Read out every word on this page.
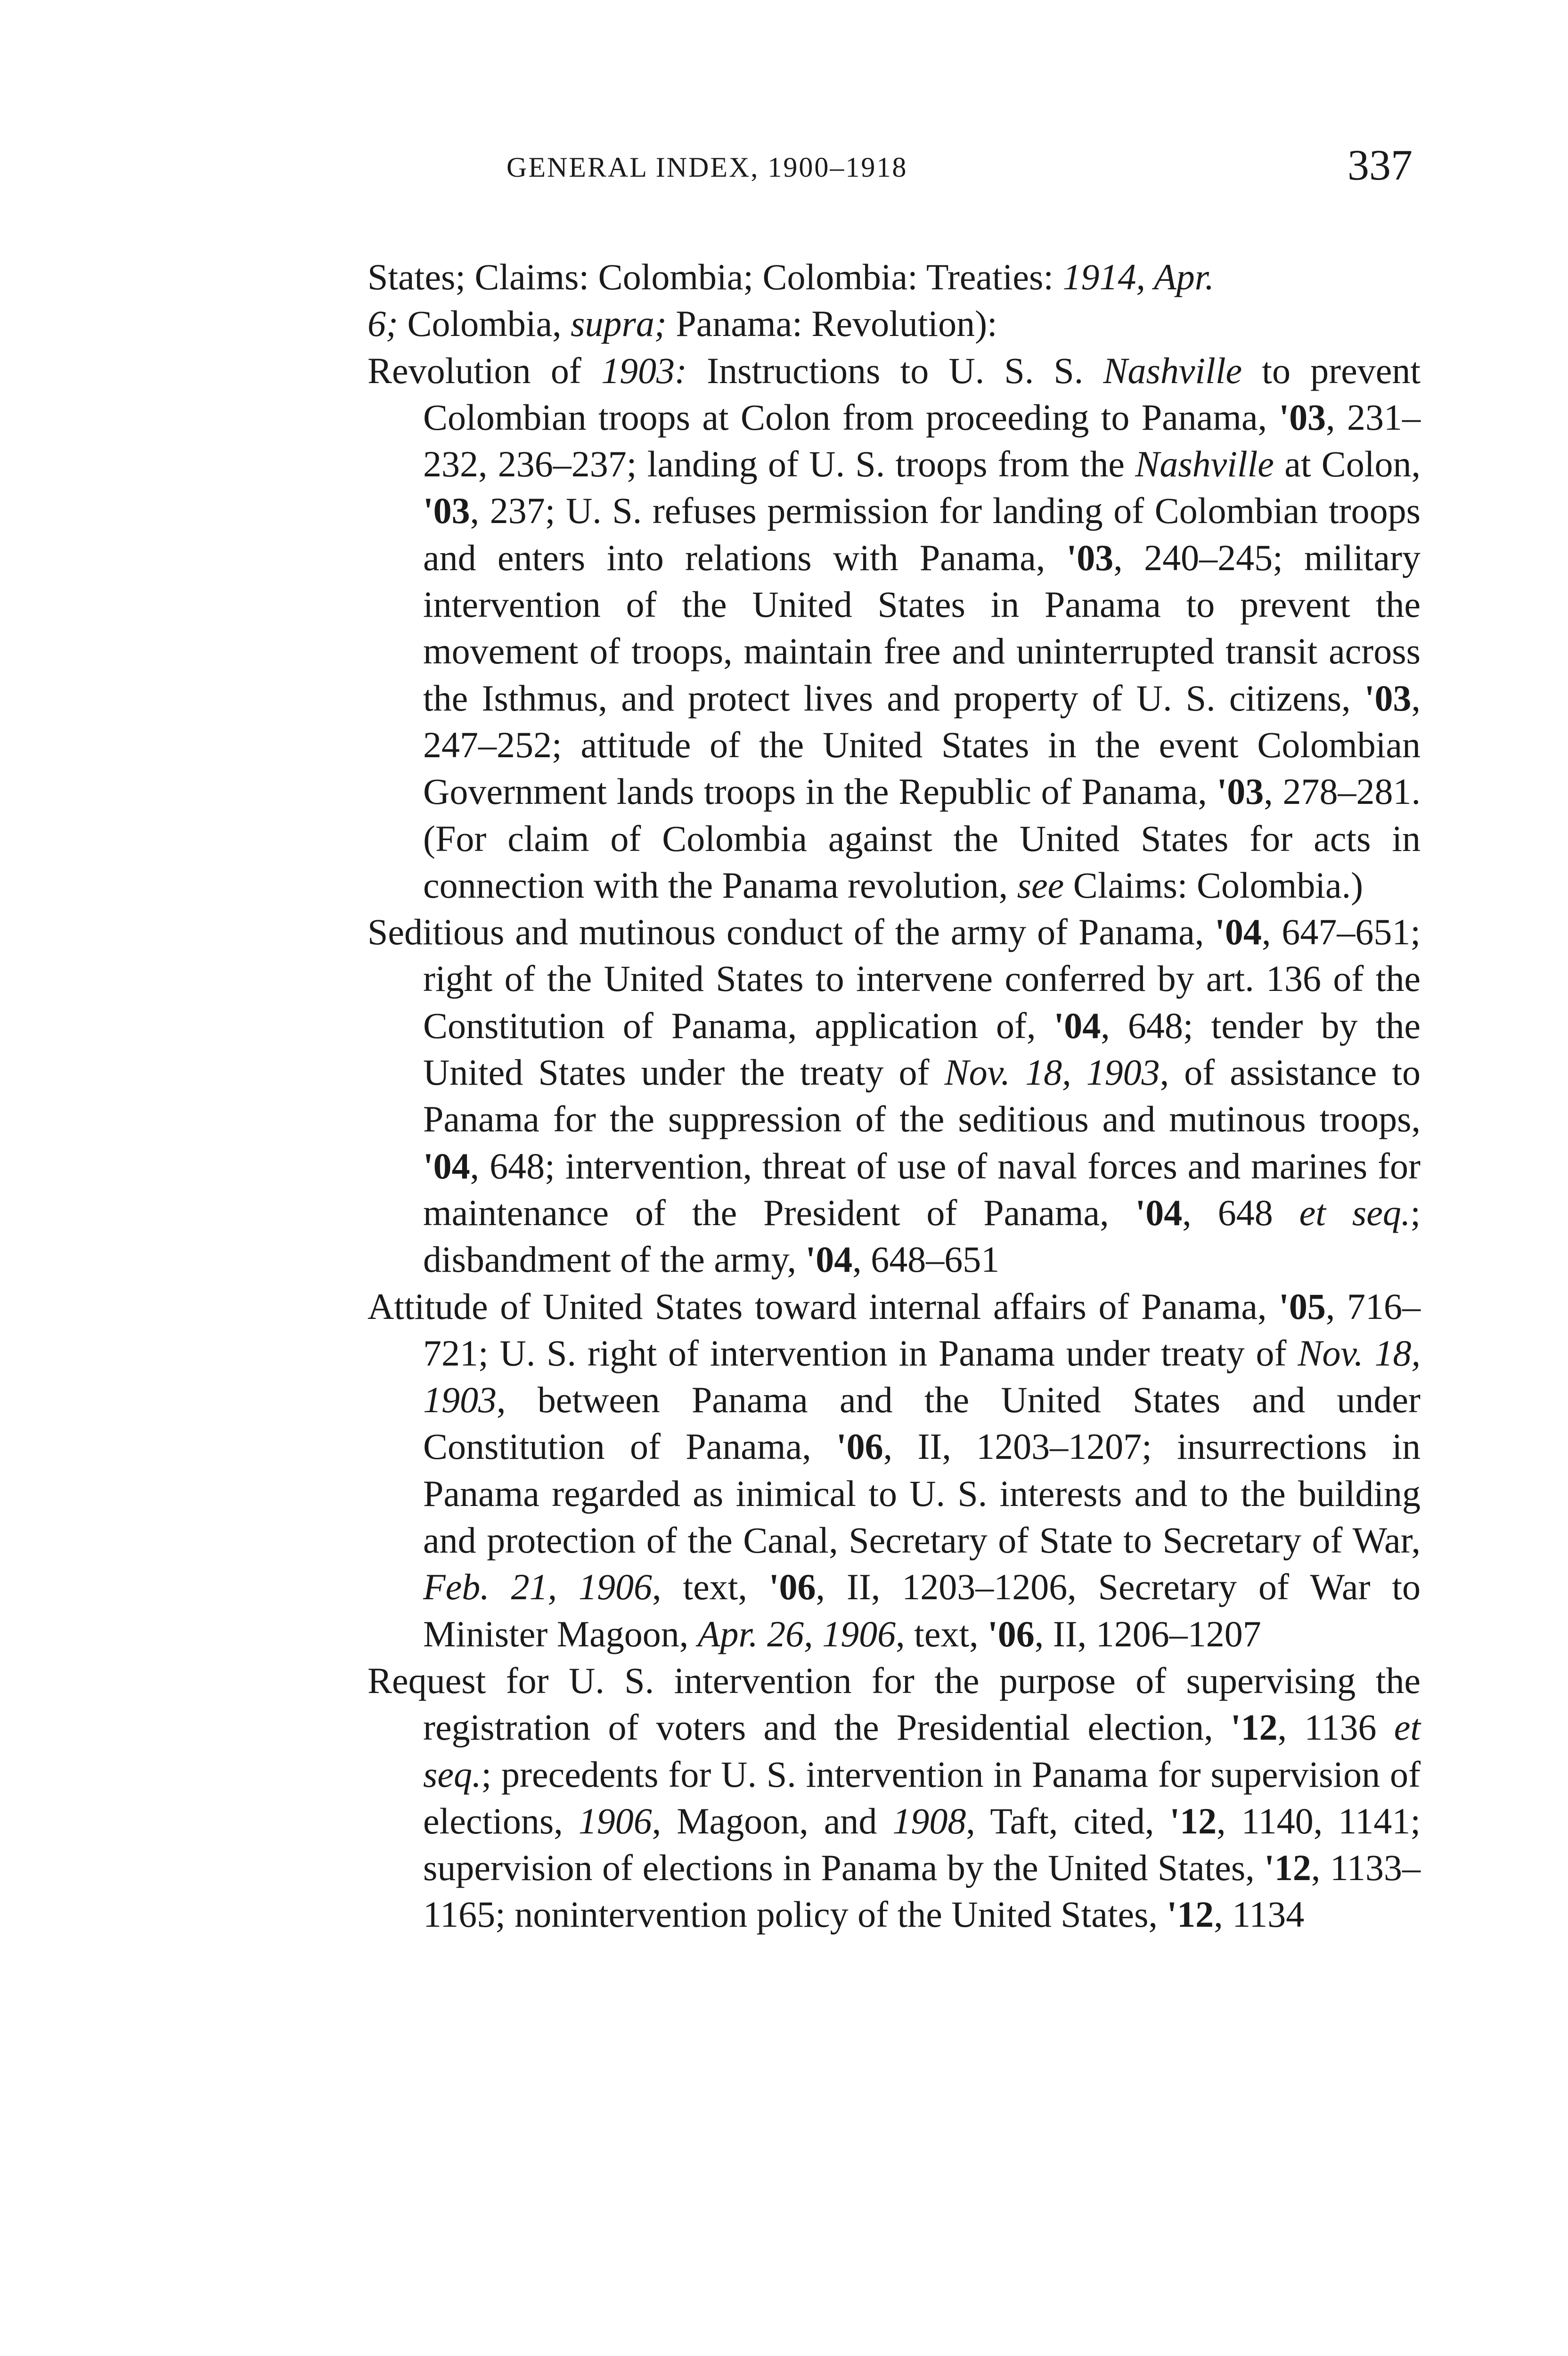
GENERAL INDEX, 1900–1918	337

States; Claims: Colombia; Colombia: Treaties: 1914, Apr.
6; Colombia, supra; Panama: Revolution):

Revolution of 1903: Instructions to U. S. S. Nashville to prevent Colombian troops at Colon from proceeding to Panama, '03, 231–232, 236–237; landing of U. S. troops from the Nashville at Colon, '03, 237; U. S. refuses permission for landing of Colombian troops and enters into relations with Panama, '03, 240–245; military intervention of the United States in Panama to prevent the movement of troops, maintain free and uninterrupted transit across the Isthmus, and protect lives and property of U. S. citizens, '03, 247–252; attitude of the United States in the event Colombian Government lands troops in the Republic of Panama, '03, 278–281. (For claim of Colombia against the United States for acts in connection with the Panama revolution, see Claims: Colombia.)

Seditious and mutinous conduct of the army of Panama, '04, 647–651; right of the United States to intervene conferred by art. 136 of the Constitution of Panama, application of, '04, 648; tender by the United States under the treaty of Nov. 18, 1903, of assistance to Panama for the suppression of the seditious and mutinous troops, '04, 648; intervention, threat of use of naval forces and marines for maintenance of the President of Panama, '04, 648 et seq.; disbandment of the army, '04, 648–651

Attitude of United States toward internal affairs of Panama, '05, 716–721; U. S. right of intervention in Panama under treaty of Nov. 18, 1903, between Panama and the United States and under Constitution of Panama, '06, II, 1203–1207; insurrections in Panama regarded as inimical to U. S. interests and to the building and protection of the Canal, Secretary of State to Secretary of War, Feb. 21, 1906, text, '06, II, 1203–1206, Secretary of War to Minister Magoon, Apr. 26, 1906, text, '06, II, 1206–1207

Request for U. S. intervention for the purpose of supervising the registration of voters and the Presidential election, '12, 1136 et seq.; precedents for U. S. intervention in Panama for supervision of elections, 1906, Magoon, and 1908, Taft, cited, '12, 1140, 1141; supervision of elections in Panama by the United States, '12, 1133–1165; nonintervention policy of the United States, '12, 1134
